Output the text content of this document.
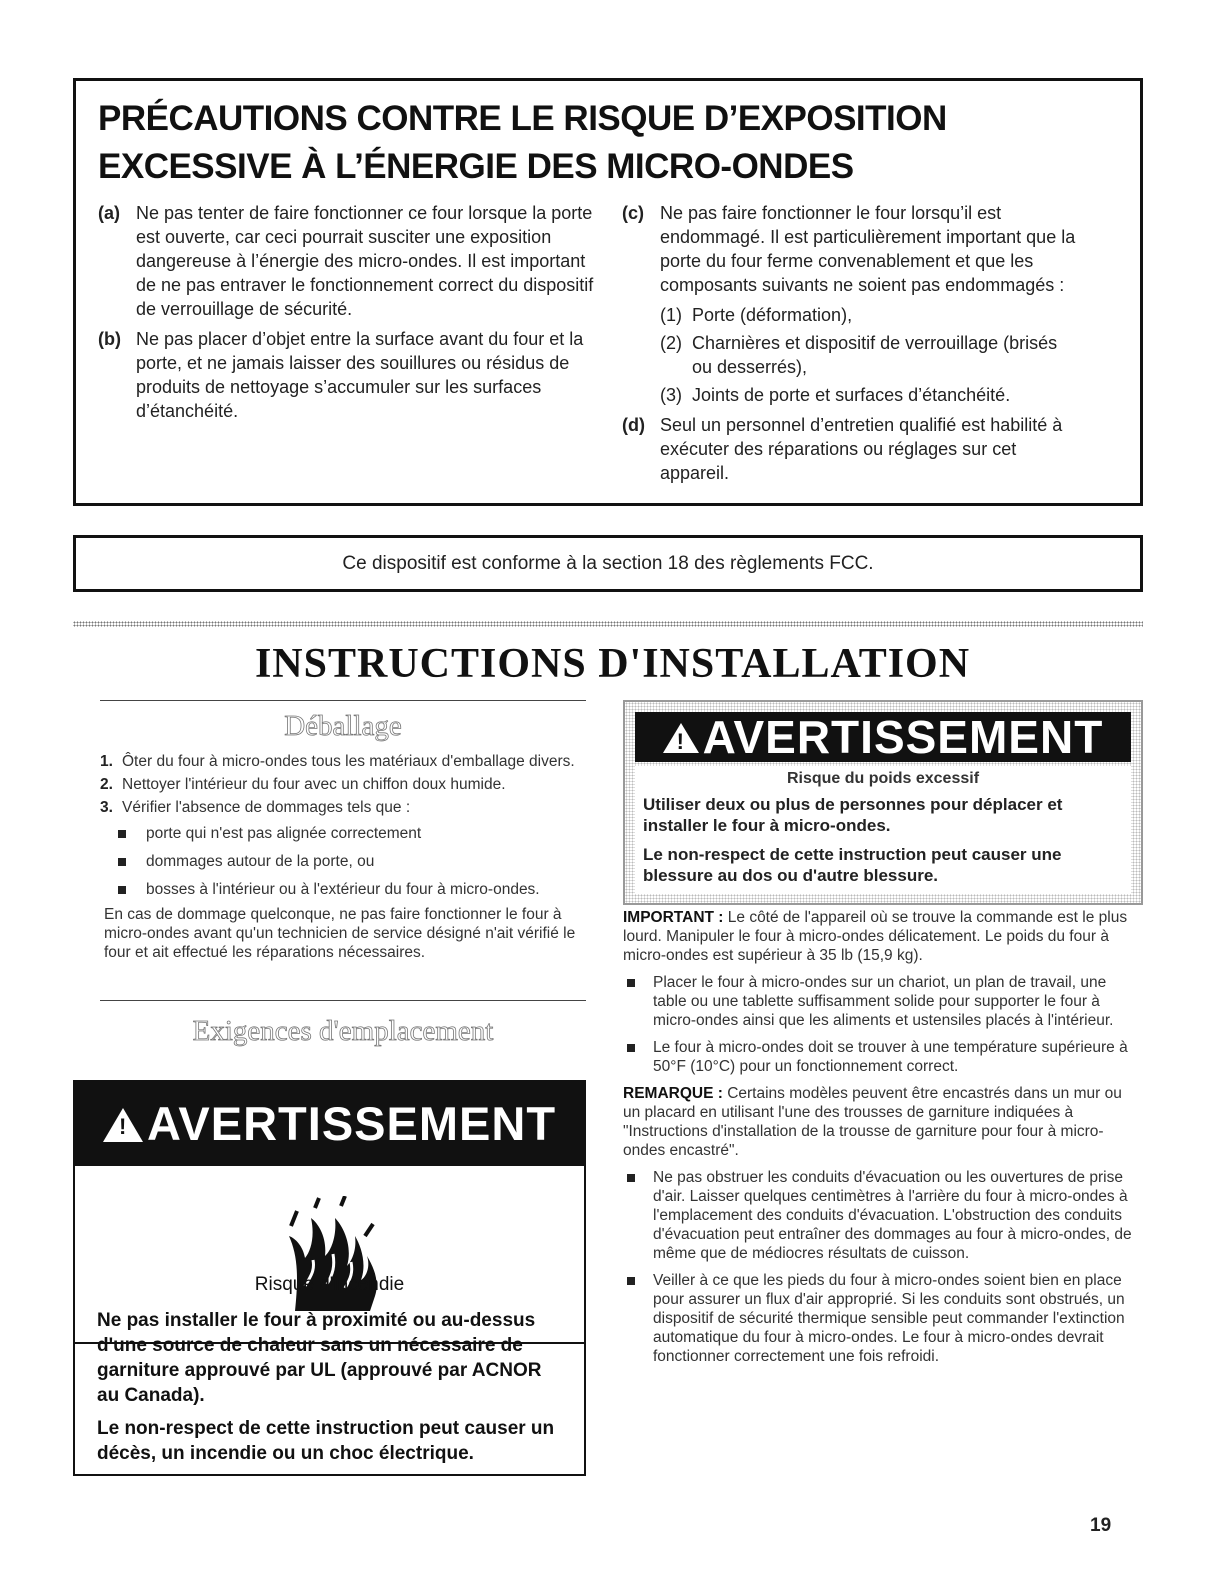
PRÉCAUTIONS CONTRE LE RISQUE D’EXPOSITION
EXCESSIVE À L’ÉNERGIE DES MICRO-ONDES
(a) Ne pas tenter de faire fonctionner ce four lorsque la porte est ouverte, car ceci pourrait susciter une exposition dangereuse à l’énergie des micro-ondes. Il est important de ne pas entraver le fonctionnement correct du dispositif de verrouillage de sécurité.
(b) Ne pas placer d’objet entre la surface avant du four et la porte, et ne jamais laisser des souillures ou résidus de produits de nettoyage s’accumuler sur les surfaces d’étanchéité.
(c) Ne pas faire fonctionner le four lorsqu’il est endommagé. Il est particulièrement important que la porte du four ferme convenablement et que les composants suivants ne soient pas endommagés :
(1) Porte (déformation),
(2) Charnières et dispositif de verrouillage (brisés ou desserrés),
(3) Joints de porte et surfaces d’étanchéité.
(d) Seul un personnel d’entretien qualifié est habilité à exécuter des réparations ou réglages sur cet appareil.
Ce dispositif est conforme à la section 18 des règlements FCC.
INSTRUCTIONS D'INSTALLATION
Déballage
1. Ôter du four à micro-ondes tous les matériaux d'emballage divers.
2. Nettoyer l'intérieur du four avec un chiffon doux humide.
3. Vérifier l'absence de dommages tels que :
porte qui n'est pas alignée correctement
dommages autour de la porte, ou
bosses à l'intérieur ou à l'extérieur du four à micro-ondes.
En cas de dommage quelconque, ne pas faire fonctionner le four à micro-ondes avant qu'un technicien de service désigné n'ait vérifié le four et ait effectué les réparations nécessaires.
Exigences d'emplacement
!AVERTISSEMENT
Risque d'incendie
Ne pas installer le four à proximité ou au-dessus d'une source de chaleur sans un nécessaire de garniture approuvé par UL (approuvé par ACNOR au Canada).
Le non-respect de cette instruction peut causer un décès, un incendie ou un choc électrique.
!AVERTISSEMENT
Risque du poids excessif
Utiliser deux ou plus de personnes pour déplacer et installer le four à micro-ondes.
Le non-respect de cette instruction peut causer une blessure au dos ou d'autre blessure.
IMPORTANT : Le côté de l'appareil où se trouve la commande est le plus lourd. Manipuler le four à micro-ondes délicatement. Le poids du four à micro-ondes est supérieur à 35 lb (15,9 kg).
Placer le four à micro-ondes sur un chariot, un plan de travail, une table ou une tablette suffisamment solide pour supporter le four à micro-ondes ainsi que les aliments et ustensiles placés à l'intérieur.
Le four à micro-ondes doit se trouver à une température supérieure à 50°F (10°C) pour un fonctionnement correct.
REMARQUE : Certains modèles peuvent être encastrés dans un mur ou un placard en utilisant l'une des trousses de garniture indiquées à "Instructions d'installation de la trousse de garniture pour four à micro-ondes encastré".
Ne pas obstruer les conduits d'évacuation ou les ouvertures de prise d'air. Laisser quelques centimètres à l'arrière du four à micro-ondes à l'emplacement des conduits d'évacuation. L'obstruction des conduits d'évacuation peut entraîner des dommages au four à micro-ondes, de même que de médiocres résultats de cuisson.
Veiller à ce que les pieds du four à micro-ondes soient bien en place pour assurer un flux d'air approprié. Si les conduits sont obstrués, un dispositif de sécurité thermique sensible peut commander l'extinction automatique du four à micro-ondes. Le four à micro-ondes devrait fonctionner correctement une fois refroidi.
19
